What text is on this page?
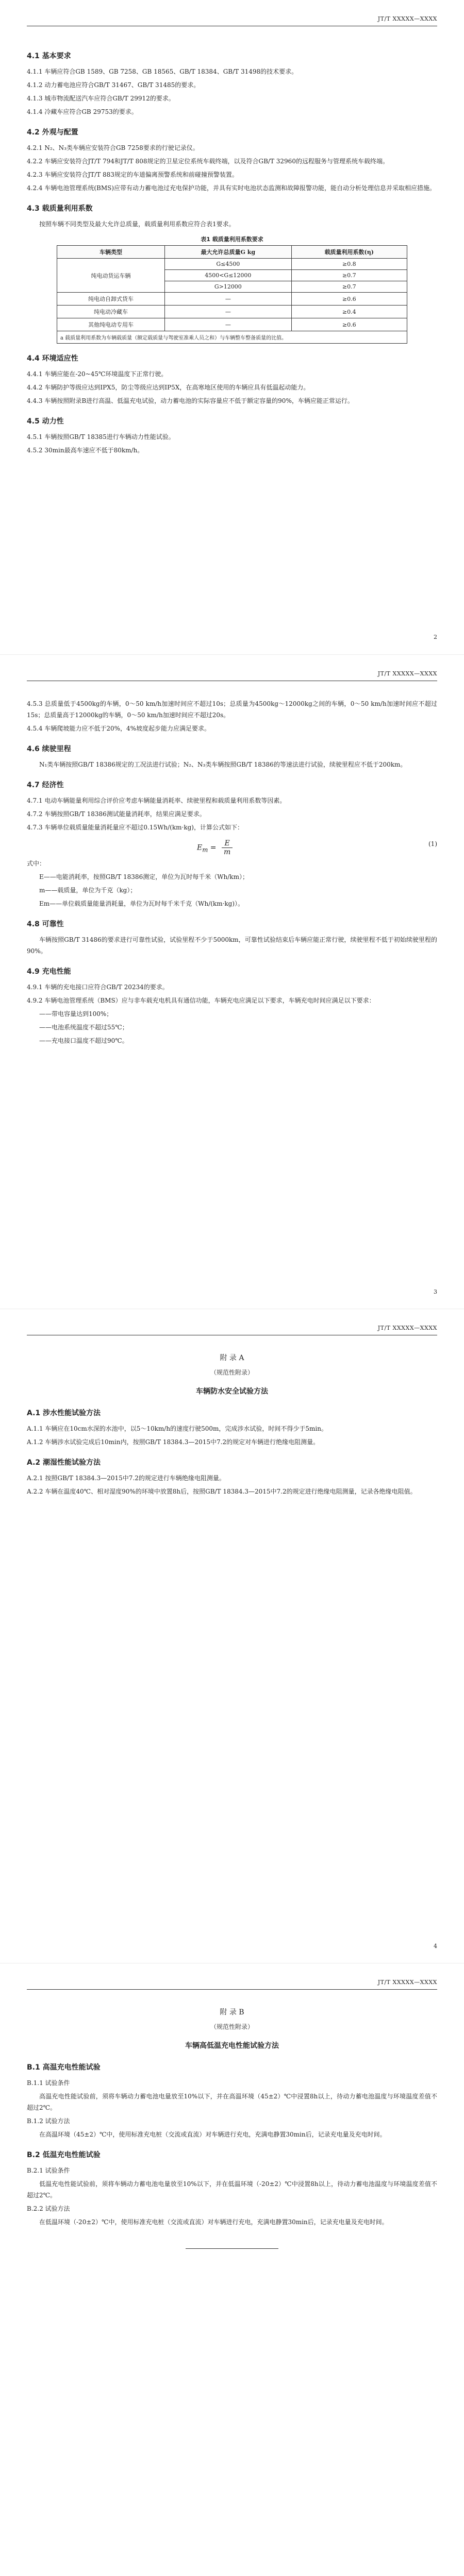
JT/T XXXXX—XXXX
4.1 基本要求

4.1.1 车辆应符合GB 1589、GB 7258、GB 18565、GB/T 18384、GB/T 31498的技术要求。

4.1.2 动力蓄电池应符合GB/T 31467、GB/T 31485的要求。

4.1.3 城市物流配送汽车应符合GB/T 29912的要求。

4.1.4 冷藏车应符合GB 29753的要求。

4.2 外观与配置

4.2.1 N₂、N₃类车辆应安装符合GB 7258要求的行驶记录仪。

4.2.2 车辆应安装符合JT/T 794和JT/T 808规定的卫星定位系统车载终端，以及符合GB/T 32960的远程服务与管理系统车载终端。

4.2.3 车辆应安装符合JT/T 883规定的车道偏离预警系统和前碰撞预警装置。

4.2.4 车辆电池管理系统(BMS)应带有动力蓄电池过充电保护功能，并具有实时电池状态监测和故障报警功能，能自动分析处理信息并采取相应措施。

4.3 载质量利用系数

按照车辆不同类型及最大允许总质量，载质量利用系数应符合表1要求。

表1 载质量利用系数要求
车辆类型	最大允许总质量G kg	载质量利用系数(η)
纯电动货运车辆	G≤4500	≥0.8
	4500<G≤12000	≥0.7
	G>12000	≥0.7
纯电动自卸式货车	—	≥0.6
纯电动冷藏车	—	≥0.4
其他纯电动专用车	—	≥0.6
a 载质量利用系数为车辆载质量（额定载质量与驾驶室准乘人员之和）与车辆整车整备质量的比值。		
4.4 环境适应性

4.4.1 车辆应能在-20~45℃环境温度下正常行驶。

4.4.2 车辆防护等级应达到IPX5，防尘等级应达到IP5X，在高寒地区使用的车辆应具有低温起动能力。

4.4.3 车辆按照附录B进行高温、低温充电试验，动力蓄电池的实际容量应不低于额定容量的90%，车辆应能正常运行。

4.5 动力性

4.5.1 车辆按照GB/T 18385进行车辆动力性能试验。

4.5.2 30min最高车速应不低于80km/h。

2
JT/T XXXXX—XXXX

4.5.3 总质量低于4500kg的车辆，0～50 km/h加速时间应不超过10s；总质量为4500kg～12000kg之间的车辆，0～50 km/h加速时间应不超过15s；总质量高于12000kg的车辆，0～50 km/h加速时间应不超过20s。

4.5.4 车辆爬坡能力应不低于20%，4%坡度起步能力应满足要求。

4.6 续驶里程

N₁类车辆按照GB/T 18386规定的工况法进行试验；N₂、N₃类车辆按照GB/T 18386的等速法进行试验，续驶里程应不低于200km。

4.7 经济性

4.7.1 电动车辆能量利用综合评价应考虑车辆能量消耗率、续驶里程和载质量利用系数等因素。

4.7.2 车辆按照GB/T 18386测试能量消耗率，结果应满足要求。

4.7.3 车辆单位载质量能量消耗量应不超过0.15Wh/(km·kg)，计算公式如下：

$E_m = \frac{E}{m}$	(1)

式中：

E——电能消耗率，按照GB/T 18386测定，单位为瓦时每千米（Wh/km）；

m——载质量，单位为千克（kg）；

Em——单位载质量能量消耗量，单位为瓦时每千米千克（Wh/(km·kg)）。

4.8 可靠性

车辆按照GB/T 31486的要求进行可靠性试验，试验里程不少于5000km，可靠性试验结束后车辆应能正常行驶，续驶里程不低于初始续驶里程的90%。

4.9 充电性能

4.9.1 车辆的充电接口应符合GB/T 20234的要求。

4.9.2 车辆电池管理系统（BMS）应与非车载充电机具有通信功能，车辆充电应满足以下要求，车辆充电时间应满足以下要求：

——带电容量达到100%；

——电池系统温度不超过55℃；

——充电接口温度不超过90℃。

3
JT/T XXXXX—XXXX
附 录 A
（规范性附录）
车辆防水安全试验方法
A.1 涉水性能试验方法

A.1.1 车辆应在10cm水深的水池中，以5～10km/h的速度行驶500m，完成涉水试验，时间不得少于5min。

A.1.2 车辆涉水试验完成后10min内，按照GB/T 18384.3—2015中7.2的规定对车辆进行绝缘电阻测量。

A.2 潮湿性能试验方法

A.2.1 按照GB/T 18384.3—2015中7.2的规定进行车辆绝缘电阻测量。

A.2.2 车辆在温度40℃、相对湿度90%的环境中放置8h后，按照GB/T 18384.3—2015中7.2的规定进行绝缘电阻测量，记录各绝缘电阻值。

4
JT/T XXXXX—XXXX
附 录 B
（规范性附录）
车辆高低温充电性能试验方法
B.1 高温充电性能试验

B.1.1 试验条件

高温充电性能试验前，须将车辆动力蓄电池电量放至10%以下，并在高温环境（45±2）℃中浸置8h以上，待动力蓄电池温度与环境温度差值不超过2℃。

B.1.2 试验方法

在高温环境（45±2）℃中，使用标准充电桩（交流或直流）对车辆进行充电，充满电静置30min后，记录充电量及充电时间。

B.2 低温充电性能试验

B.2.1 试验条件

低温充电性能试验前，须将车辆动力蓄电池电量放至10%以下，并在低温环境（-20±2）℃中浸置8h以上，待动力蓄电池温度与环境温度差值不超过2℃。

B.2.2 试验方法

在低温环境（-20±2）℃中，使用标准充电桩（交流或直流）对车辆进行充电，充满电静置30min后，记录充电量及充电时间。
